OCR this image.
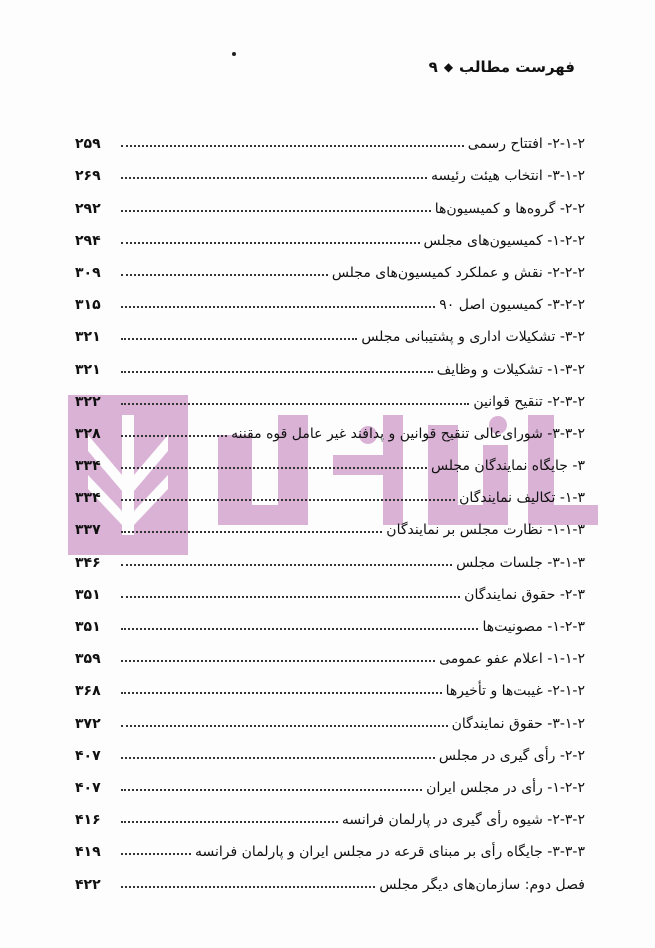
فهرست مطالب
◆
۹
۲۵۹	۲-۱-۲- افتتاح رسمی
۲۶۹	۳-۱-۲- انتخاب هیئت رئیسه
۲۹۲	۲-۲- گروه‌ها و کمیسیون‌ها
۲۹۴	۱-۲-۲- کمیسیون‌های مجلس
۳۰۹	۲-۲-۲- نقش و عملکرد کمیسیون‌های مجلس
۳۱۵	۳-۲-۲- کمیسیون اصل ۹۰
۳۲۱	۳-۲- تشکیلات اداری و پشتیبانی مجلس
۳۲۱	۱-۳-۲- تشکیلات و وظایف
۳۲۲	۲-۳-۲- تنقیح قوانین
۳۲۸	۳-۳-۲- شورای‌عالی تنقیح قوانین و پدافند غیر عامل قوه مقننه
۳۳۴	۳- جایگاه نمایندگان مجلس
۳۳۴	۱-۳- تکالیف نمایندگان
۳۳۷	۱-۱-۳- نظارت مجلس بر نمایندگان
۳۴۶	۳-۱-۳- جلسات مجلس
۳۵۱	۲-۳- حقوق نمایندگان
۳۵۱	۱-۲-۳- مصونیت‌ها
۳۵۹	۱-۱-۲- اعلام عفو عمومی
۳۶۸	۲-۱-۲- غیبت‌ها و تأخیرها
۳۷۲	۳-۱-۲- حقوق نمایندگان
۴۰۷	۲-۲- رأی گیری در مجلس
۴۰۷	۱-۲-۲- رأی در مجلس ایران
۴۱۶	۲-۳-۲- شیوه رأی گیری در پارلمان فرانسه
۴۱۹	۳-۳-۳- جایگاه رأی بر مبنای قرعه در مجلس ایران و پارلمان فرانسه
۴۲۲	فصل دوم: سازمان‌های دیگر مجلس
